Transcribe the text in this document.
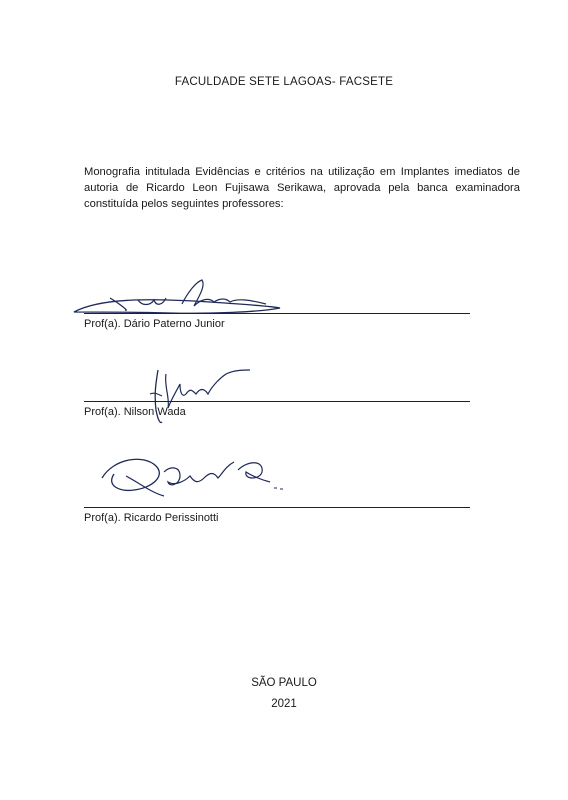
FACULDADE SETE LAGOAS- FACSETE
Monografia intitulada Evidências e critérios na utilização em Implantes imediatos de autoria de Ricardo Leon Fujisawa Serikawa, aprovada pela banca examinadora constituída pelos seguintes professores:
Prof(a). Dário Paterno Junior
Prof(a). Nilson Wada
Prof(a). Ricardo Perissinotti
SÃO PAULO
2021
